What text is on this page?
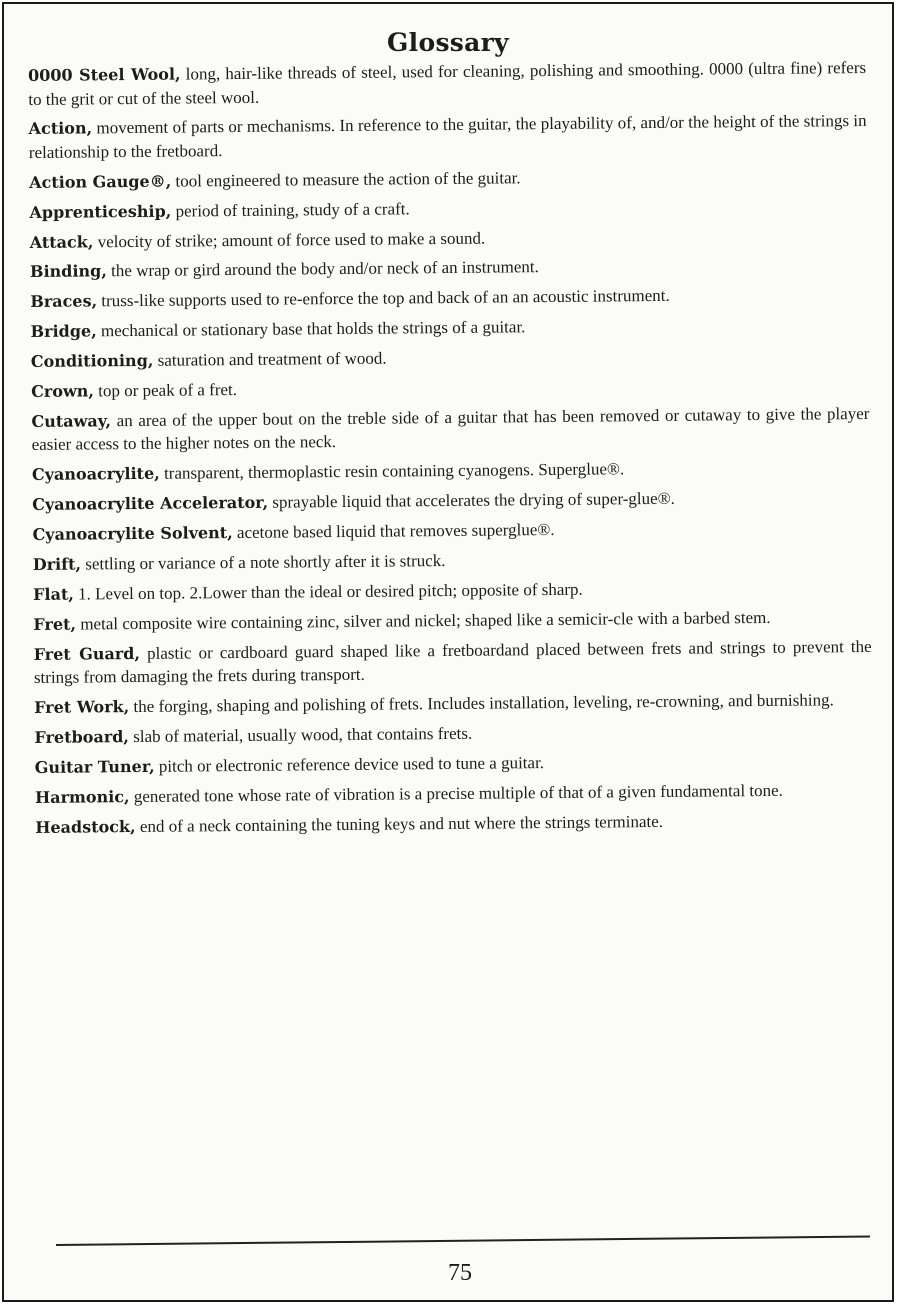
Glossary

0000 Steel Wool, long, hair-like threads of steel, used for cleaning, polishing and smoothing. 0000 (ultra fine) refers to the grit or cut of the steel wool.

Action, movement of parts or mechanisms. In reference to the guitar, the playability of, and/or the height of the strings in relationship to the fretboard.

Action Gauge®, tool engineered to measure the action of the guitar.

Apprenticeship, period of training, study of a craft.

Attack, velocity of strike; amount of force used to make a sound.

Binding, the wrap or gird around the body and/or neck of an instrument.

Braces, truss-like supports used to re-enforce the top and back of an an acoustic instrument.

Bridge, mechanical or stationary base that holds the strings of a guitar.

Conditioning, saturation and treatment of wood.

Crown, top or peak of a fret.

Cutaway, an area of the upper bout on the treble side of a guitar that has been removed or cutaway to give the player easier access to the higher notes on the neck.

Cyanoacrylite, transparent, thermoplastic resin containing cyanogens. Superglue®.

Cyanoacrylite Accelerator, sprayable liquid that accelerates the drying of super-glue®.

Cyanoacrylite Solvent, acetone based liquid that removes superglue®.

Drift, settling or variance of a note shortly after it is struck.

Flat, 1. Level on top. 2.Lower than the ideal or desired pitch; opposite of sharp.

Fret, metal composite wire containing zinc, silver and nickel; shaped like a semicir-cle with a barbed stem.

Fret Guard, plastic or cardboard guard shaped like a fretboardand placed between frets and strings to prevent the strings from damaging the frets during transport.

Fret Work, the forging, shaping and polishing of frets. Includes installation, leveling, re-crowning, and burnishing.

Fretboard, slab of material, usually wood, that contains frets.

Guitar Tuner, pitch or electronic reference device used to tune a guitar.

Harmonic, generated tone whose rate of vibration is a precise multiple of that of a given fundamental tone.

Headstock, end of a neck containing the tuning keys and nut where the strings terminate.

75
